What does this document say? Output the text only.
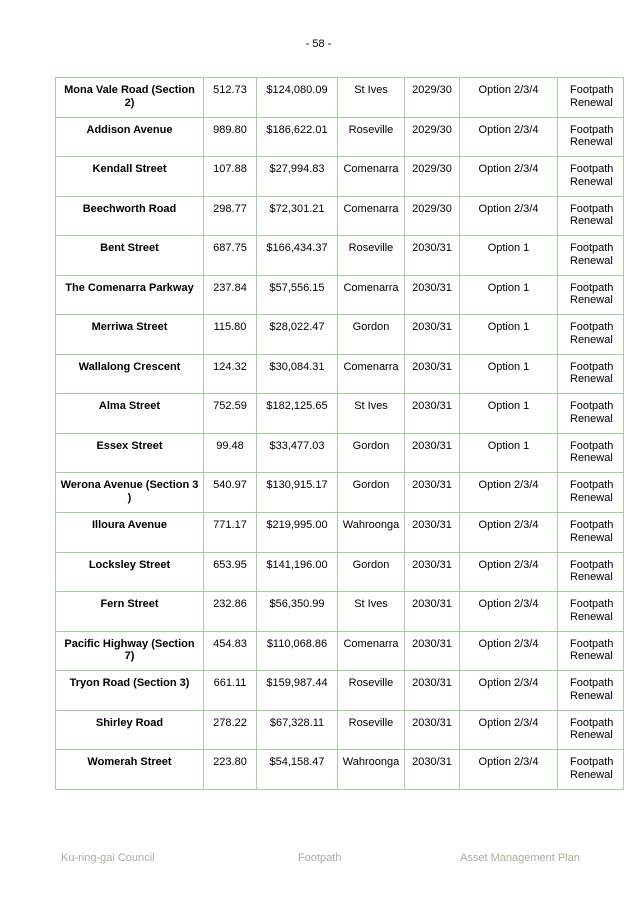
- 58 -
Mona Vale Road (Section 2)	512.73	$124,080.09	St Ives	2029/30	Option 2/3/4	Footpath Renewal
Addison Avenue	989.80	$186,622.01	Roseville	2029/30	Option 2/3/4	Footpath Renewal
Kendall Street	107.88	$27,994.83	Comenarra	2029/30	Option 2/3/4	Footpath Renewal
Beechworth Road	298.77	$72,301.21	Comenarra	2029/30	Option 2/3/4	Footpath Renewal
Bent Street	687.75	$166,434.37	Roseville	2030/31	Option 1	Footpath Renewal
The Comenarra Parkway	237.84	$57,556.15	Comenarra	2030/31	Option 1	Footpath Renewal
Merriwa Street	115.80	$28,022.47	Gordon	2030/31	Option 1	Footpath Renewal
Wallalong Crescent	124.32	$30,084.31	Comenarra	2030/31	Option 1	Footpath Renewal
Alma Street	752.59	$182,125.65	St Ives	2030/31	Option 1	Footpath Renewal
Essex Street	99.48	$33,477.03	Gordon	2030/31	Option 1	Footpath Renewal
Werona Avenue (Section 3 )	540.97	$130,915.17	Gordon	2030/31	Option 2/3/4	Footpath Renewal
Illoura Avenue	771.17	$219,995.00	Wahroonga	2030/31	Option 2/3/4	Footpath Renewal
Locksley Street	653.95	$141,196.00	Gordon	2030/31	Option 2/3/4	Footpath Renewal
Fern Street	232.86	$56,350.99	St Ives	2030/31	Option 2/3/4	Footpath Renewal
Pacific Highway (Section 7)	454.83	$110,068.86	Comenarra	2030/31	Option 2/3/4	Footpath Renewal
Tryon Road (Section 3)	661.11	$159,987.44	Roseville	2030/31	Option 2/3/4	Footpath Renewal
Shirley Road	278.22	$67,328.11	Roseville	2030/31	Option 2/3/4	Footpath Renewal
Womerah Street	223.80	$54,158.47	Wahroonga	2030/31	Option 2/3/4	Footpath Renewal
Ku-ring-gai Council	Footpath	Asset Management Plan
